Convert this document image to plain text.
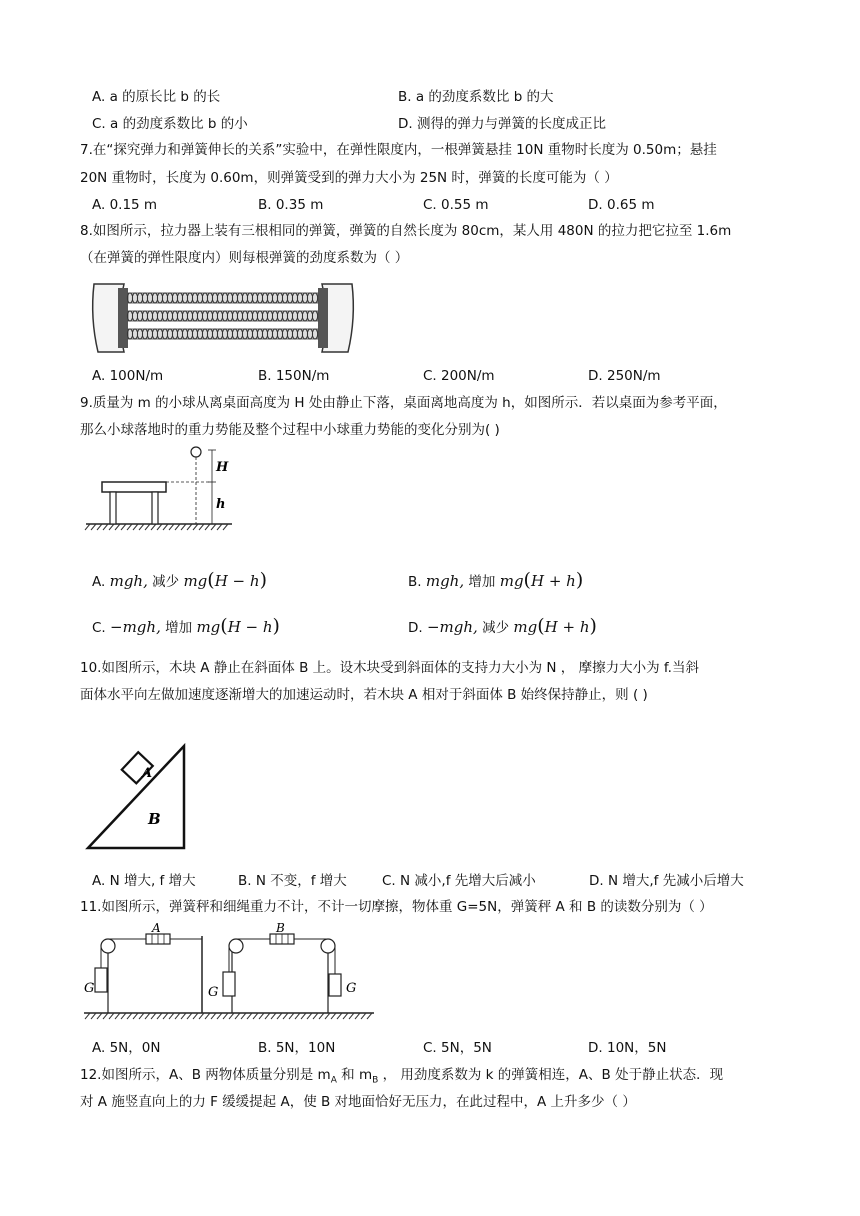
A. a 的原长比 b 的长	B. a 的劲度系数比 b 的大
C. a 的劲度系数比 b 的小	D. 测得的弹力与弹簧的长度成正比
7.在“探究弹力和弹簧伸长的关系”实验中，在弹性限度内，一根弹簧悬挂 10N 重物时长度为 0.50m；悬挂
20N 重物时，长度为 0.60m，则弹簧受到的弹力大小为 25N 时，弹簧的长度可能为（ ）
A. 0.15 m	B. 0.35 m	C. 0.55 m	D. 0.65 m
8.如图所示，拉力器上装有三根相同的弹簧，弹簧的自然长度为 80cm，某人用 480N 的拉力把它拉至 1.6m
（在弹簧的弹性限度内）则每根弹簧的劲度系数为（ ）
A. 100N/m	B. 150N/m	C. 200N/m	D. 250N/m
9.质量为 m 的小球从离桌面高度为 H 处由静止下落，桌面离地高度为 h，如图所示．若以桌面为参考平面，
那么小球落地时的重力势能及整个过程中小球重力势能的变化分别为( )
H
h
A. mgh, 减少 mg(H − h)	B. mgh, 增加 mg(H + h)
C. −mgh, 增加 mg(H − h)	D. −mgh, 减少 mg(H + h)
10.如图所示，木块 A 静止在斜面体 B 上。设木块受到斜面体的支持力大小为 N ， 摩擦力大小为 f.当斜
面体水平向左做加速度逐渐增大的加速运动时，若木块 A 相对于斜面体 B 始终保持静止，则 ( )
A
B
A. N 增大, f 增大	B. N 不变，f 增大	C. N 减小,f 先增大后减小	D. N 增大,f 先减小后增大
11.如图所示，弹簧秤和细绳重力不计，不计一切摩擦，物体重 G=5N，弹簧秤 A 和 B 的读数分别为（ ）
A
G
B
G	G
A. 5N，0N	B. 5N，10N	C. 5N，5N	D. 10N，5N
12.如图所示，A、B 两物体质量分别是 $m_A$ 和 $m_B$ ， 用劲度系数为 k 的弹簧相连，A、B 处于静止状态．现
对 A 施竖直向上的力 F 缓缓提起 A，使 B 对地面恰好无压力，在此过程中，A 上升多少（ ）
